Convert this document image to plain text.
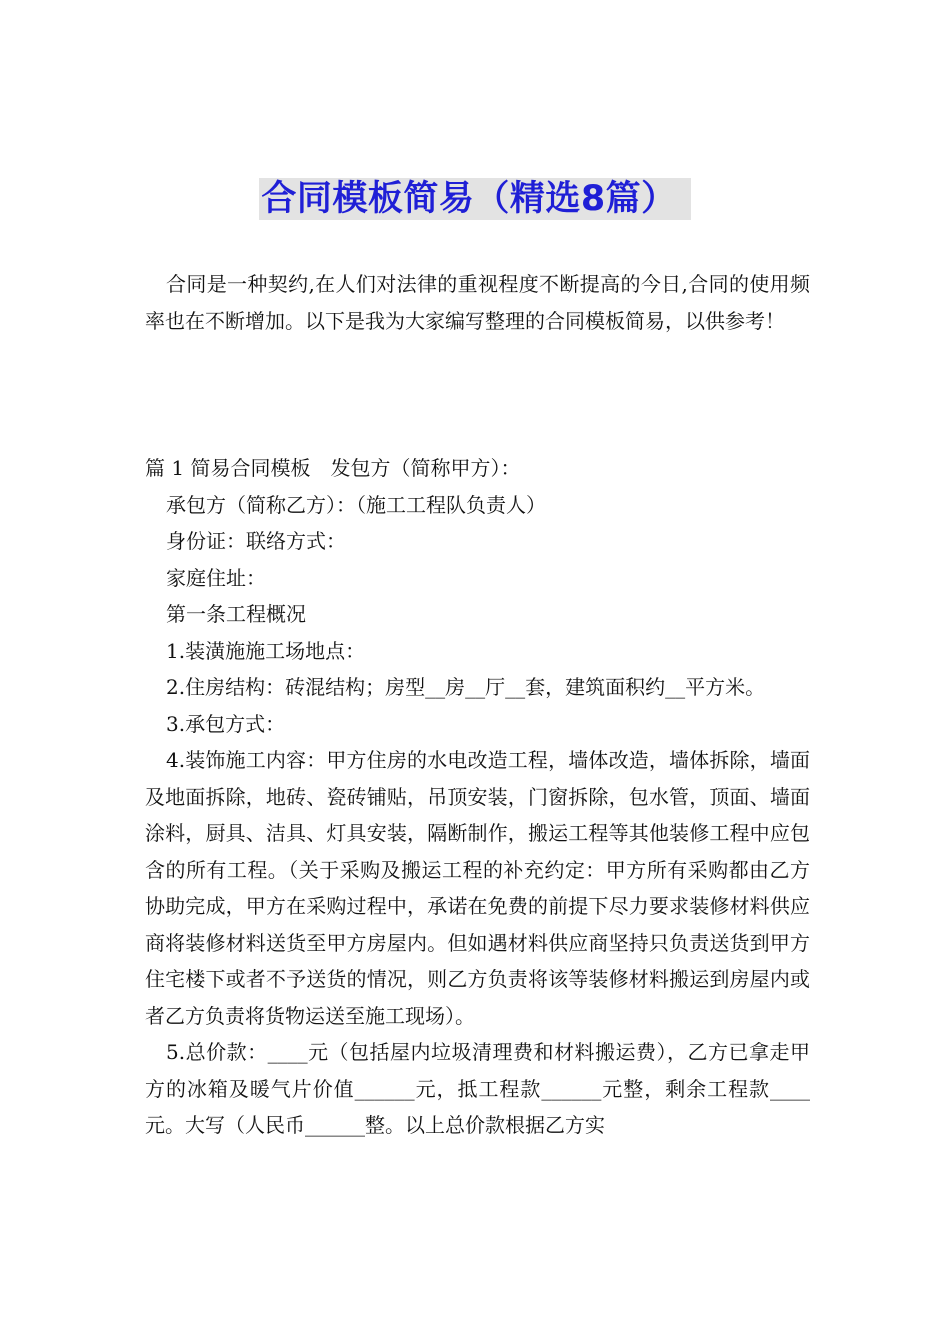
合同模板简易（精选8篇）

合同是一种契约,在人们对法律的重视程度不断提高的今日,合同的使用频率也在不断增加。以下是我为大家编写整理的合同模板简易，以供参考！

篇 1 简易合同模板　发包方（简称甲方）：

承包方（简称乙方）：（施工工程队负责人）

身份证：联络方式：

家庭住址：

第一条工程概况

1.装潢施施工场地点：

2.住房结构：砖混结构；房型__房__厅__套，建筑面积约__平方米。

3.承包方式：

4.装饰施工内容：甲方住房的水电改造工程，墙体改造，墙体拆除，墙面及地面拆除，地砖、瓷砖铺贴，吊顶安装，门窗拆除，包水管，顶面、墙面涂料，厨具、洁具、灯具安装，隔断制作，搬运工程等其他装修工程中应包含的所有工程。（关于采购及搬运工程的补充约定：甲方所有采购都由乙方协助完成，甲方在采购过程中，承诺在免费的前提下尽力要求装修材料供应商将装修材料送货至甲方房屋内。但如遇材料供应商坚持只负责送货到甲方住宅楼下或者不予送货的情况，则乙方负责将该等装修材料搬运到房屋内或者乙方负责将货物运送至施工现场）。

5.总价款：____元（包括屋内垃圾清理费和材料搬运费），乙方已拿走甲方的冰箱及暖气片价值______元，抵工程款______元整，剩余工程款____元。大写（人民币______整。以上总价款根据乙方实
